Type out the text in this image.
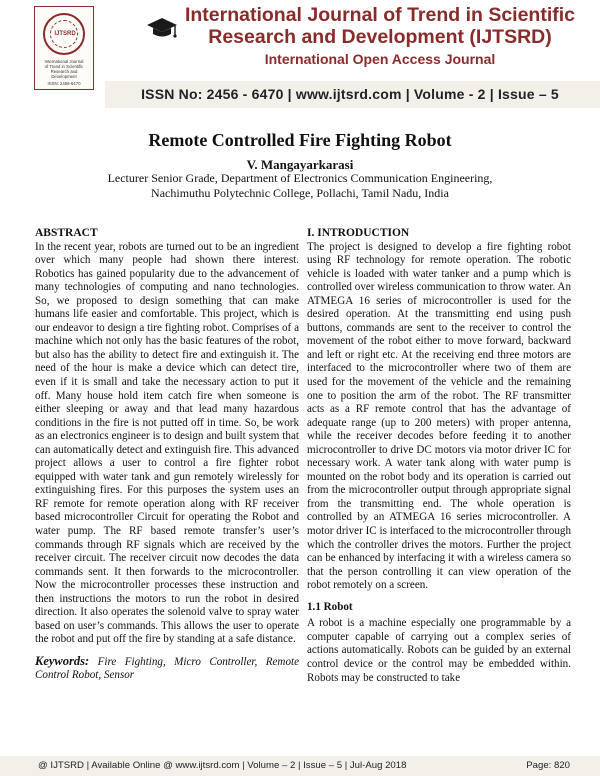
IJTSRD
International Journal
of Trend in Scientific
Research and
Development
ISSN: 2456-6470
International Journal of Trend in Scientific
Research and Development (IJTSRD)
International Open Access Journal
ISSN No: 2456 - 6470 | www.ijtsrd.com | Volume - 2 | Issue – 5
Remote Controlled Fire Fighting Robot
V. Mangayarkarasi
Lecturer Senior Grade, Department of Electronics Communication Engineering,
Nachimuthu Polytechnic College, Pollachi, Tamil Nadu, India
ABSTRACT

In the recent year, robots are turned out to be an ingredient over which many people had shown there interest. Robotics has gained popularity due to the advancement of many technologies of computing and nano technologies. So, we proposed to design something that can make humans life easier and comfortable. This project, which is our endeavor to design a tire fighting robot. Comprises of a machine which not only has the basic features of the robot, but also has the ability to detect fire and extinguish it. The need of the hour is make a device which can detect tire, even if it is small and take the necessary action to put it off. Many house hold item catch fire when someone is either sleeping or away and that lead many hazardous conditions in the fire is not putted off in time. So, be work as an electronics engineer is to design and built system that can automatically detect and extinguish fire. This advanced project allows a user to control a fire fighter robot equipped with water tank and gun remotely wirelessly for extinguishing fires. For this purposes the system uses an RF remote for remote operation along with RF receiver based microcontroller Circuit for operating the Robot and water pump. The RF based remote transfer’s user’s commands through RF signals which are received by the receiver circuit. The receiver circuit now decodes the data commands sent. It then forwards to the microcontroller. Now the microcontroller processes these instruction and then instructions the motors to run the robot in desired direction. It also operates the solenoid valve to spray water based on user’s commands. This allows the user to operate the robot and put off the fire by standing at a safe distance.

Keywords: Fire Fighting, Micro Controller, Remote Control Robot, Sensor
I. INTRODUCTION

The project is designed to develop a fire fighting robot using RF technology for remote operation. The robotic vehicle is loaded with water tanker and a pump which is controlled over wireless communication to throw water. An ATMEGA 16 series of microcontroller is used for the desired operation. At the transmitting end using push buttons, commands are sent to the receiver to control the movement of the robot either to move forward, backward and left or right etc. At the receiving end three motors are interfaced to the microcontroller where two of them are used for the movement of the vehicle and the remaining one to position the arm of the robot. The RF transmitter acts as a RF remote control that has the advantage of adequate range (up to 200 meters) with proper antenna, while the receiver decodes before feeding it to another microcontroller to drive DC motors via motor driver IC for necessary work. A water tank along with water pump is mounted on the robot body and its operation is carried out from the microcontroller output through appropriate signal from the transmitting end. The whole operation is controlled by an ATMEGA 16 series microcontroller. A motor driver IC is interfaced to the microcontroller through which the controller drives the motors. Further the project can be enhanced by interfacing it with a wireless camera so that the person controlling it can view operation of the robot remotely on a screen.

1.1 Robot

A robot is a machine especially one programmable by a computer capable of carrying out a complex series of actions automatically. Robots can be guided by an external control device or the control may be embedded within. Robots may be constructed to take

@ IJTSRD | Available Online @ www.ijtsrd.com | Volume – 2 | Issue – 5 | Jul-Aug 2018	Page: 820
